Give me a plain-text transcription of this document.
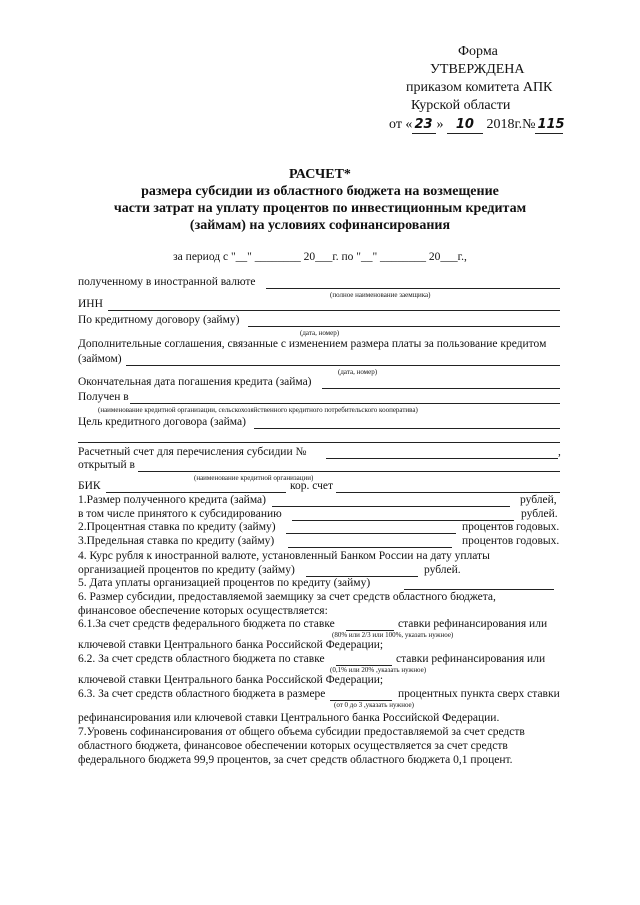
Форма
УТВЕРЖДЕНА
приказом комитета АПК
Курской области
от « 23 » 10 2018г.№ 115
РАСЧЕТ*
размера субсидии из областного бюджета на возмещение
части затрат на уплату процентов по инвестиционным кредитам
(займам) на условиях софинансирования
за период с "__" ________ 20___г. по "__" ________ 20___г.,
полученному в иностранной валюте
(полное наименование заемщика)
ИНН
По кредитному договору (займу)
(дата, номер)
Дополнительные соглашения, связанные с изменением размера платы за пользование кредитом
(займом)
(дата, номер)
Окончательная дата погашения кредита (займа)
Получен в
(наименование кредитной организации, сельскохозяйственного кредитного потребительского кооператива)
Цель кредитного договора (займа)
Расчетный счет для перечисления субсидии №	,
открытый в
(наименование кредитной организации)
БИК	кор. счет
1.Размер полученного кредита (займа)	рублей,
в том числе принятого к субсидированию	рублей.
2.Процентная ставка по кредиту (займу)	процентов годовых.
3.Предельная ставка по кредиту (займу)	процентов годовых.
4. Курс рубля к иностранной валюте, установленный Банком России на дату уплаты
организацией процентов по кредиту (займу)	рублей.
5. Дата уплаты организацией процентов по кредиту (займу)
6. Размер субсидии, предоставляемой заемщику за счет средств областного бюджета,
финансовое обеспечение которых осуществляется:
6.1.За счет средств федерального бюджета по ставке	ставки рефинансирования или
(80% или 2/3 или 100%, указать нужное)
ключевой ставки Центрального банка Российской Федерации;
6.2. За счет средств областного бюджета по ставке	ставки рефинансирования или
(0,1% или 20% ,указать нужное)
ключевой ставки Центрального банка Российской Федерации;
6.3. За счет средств областного бюджета в размере	процентных пункта сверх ставки
(от 0 до 3 ,указать нужное)
рефинансирования или ключевой ставки Центрального банка Российской Федерации.
7.Уровень софинансирования от общего объема субсидии предоставляемой за счет средств
областного бюджета, финансовое обеспечении которых осуществляется за счет средств
федерального бюджета 99,9 процентов, за счет средств областного бюджета 0,1 процент.
